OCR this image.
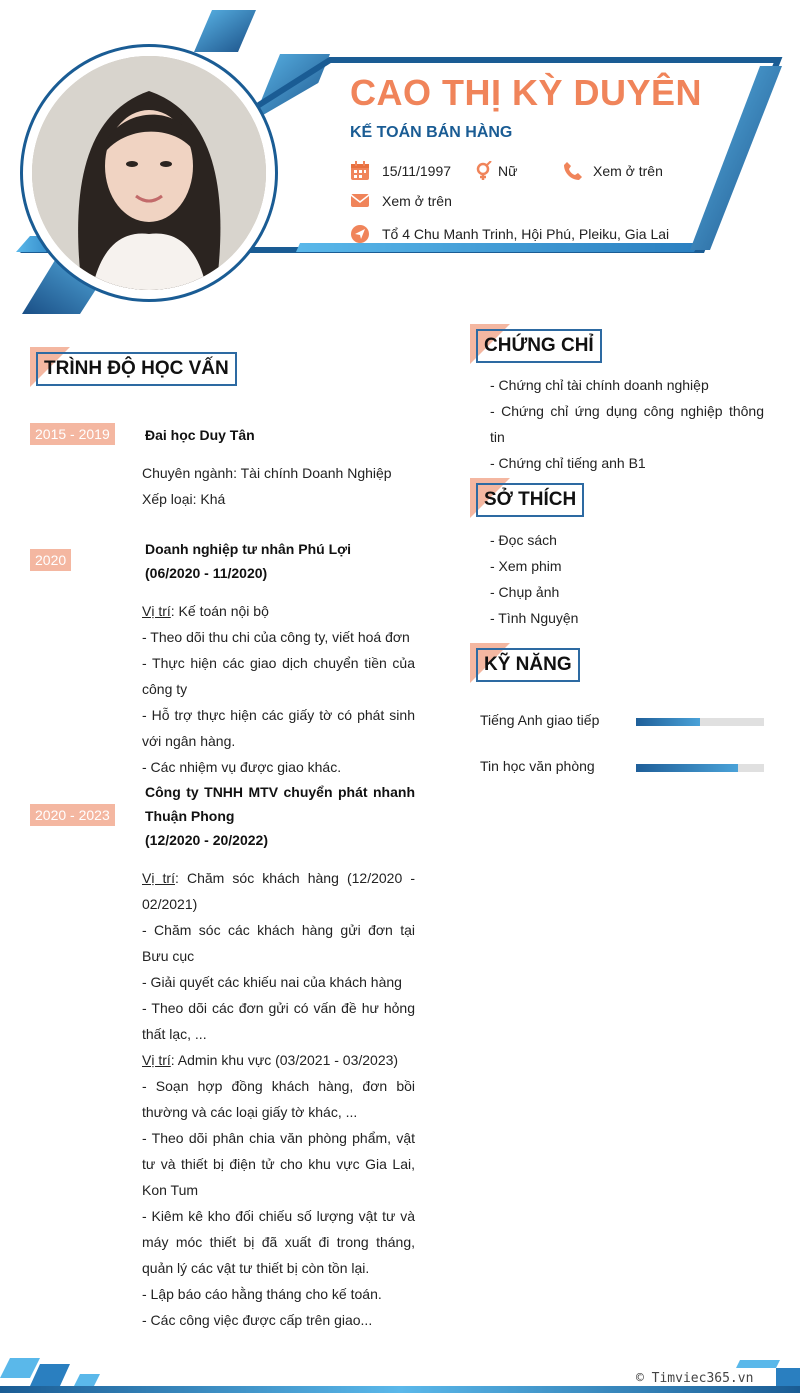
CAO THỊ KỲ DUYÊN
KẾ TOÁN BÁN HÀNG
15/11/1997	Nữ	Xem ở trên
Xem ở trên
Tổ 4 Chu Manh Trinh, Hội Phú, Pleiku, Gia Lai
TRÌNH ĐỘ HỌC VẤN
2015 - 2019	Đai học Duy Tân
Chuyên ngành: Tài chính Doanh Nghiệp
Xếp loại: Khá
2020
Doanh nghiệp tư nhân Phú Lợi
(06/2020 - 11/2020)
Vị trí: Kế toán nội bộ
- Theo dõi thu chi của công ty, viết hoá đơn
- Thực hiện các giao dịch chuyển tiền của công ty
- Hỗ trợ thực hiện các giấy tờ có phát sinh với ngân hàng.
- Các nhiệm vụ được giao khác.
2020 - 2023
Công ty TNHH MTV chuyển phát nhanh Thuận Phong
(12/2020 - 20/2022)
Vị trí: Chăm sóc khách hàng (12/2020 - 02/2021)
- Chăm sóc các khách hàng gửi đơn tại Bưu cục
- Giải quyết các khiếu nai của khách hàng
- Theo dõi các đơn gửi có vấn đề hư hỏng thất lạc, ...
Vị trí: Admin khu vực (03/2021 - 03/2023)
- Soạn hợp đồng khách hàng, đơn bồi thường và các loại giấy tờ khác, ...
- Theo dõi phân chia văn phòng phẩm, vật tư và thiết bị điện tử cho khu vực Gia Lai, Kon Tum
- Kiêm kê kho đối chiếu số lượng vật tư và máy móc thiết bị đã xuất đi trong tháng, quản lý các vật tư thiết bị còn tồn lại.
- Lập báo cáo hằng tháng cho kế toán.
- Các công việc được cấp trên giao...
CHỨNG CHỈ
- Chứng chỉ tài chính doanh nghiệp
- Chứng chỉ ứng dụng công nghiệp thông tin
- Chứng chỉ tiếng anh B1
SỞ THÍCH
- Đọc sách
- Xem phim
- Chụp ảnh
- Tình Nguyện
KỸ NĂNG
Tiếng Anh giao tiếp
Tin học văn phòng
© Timviec365.vn
